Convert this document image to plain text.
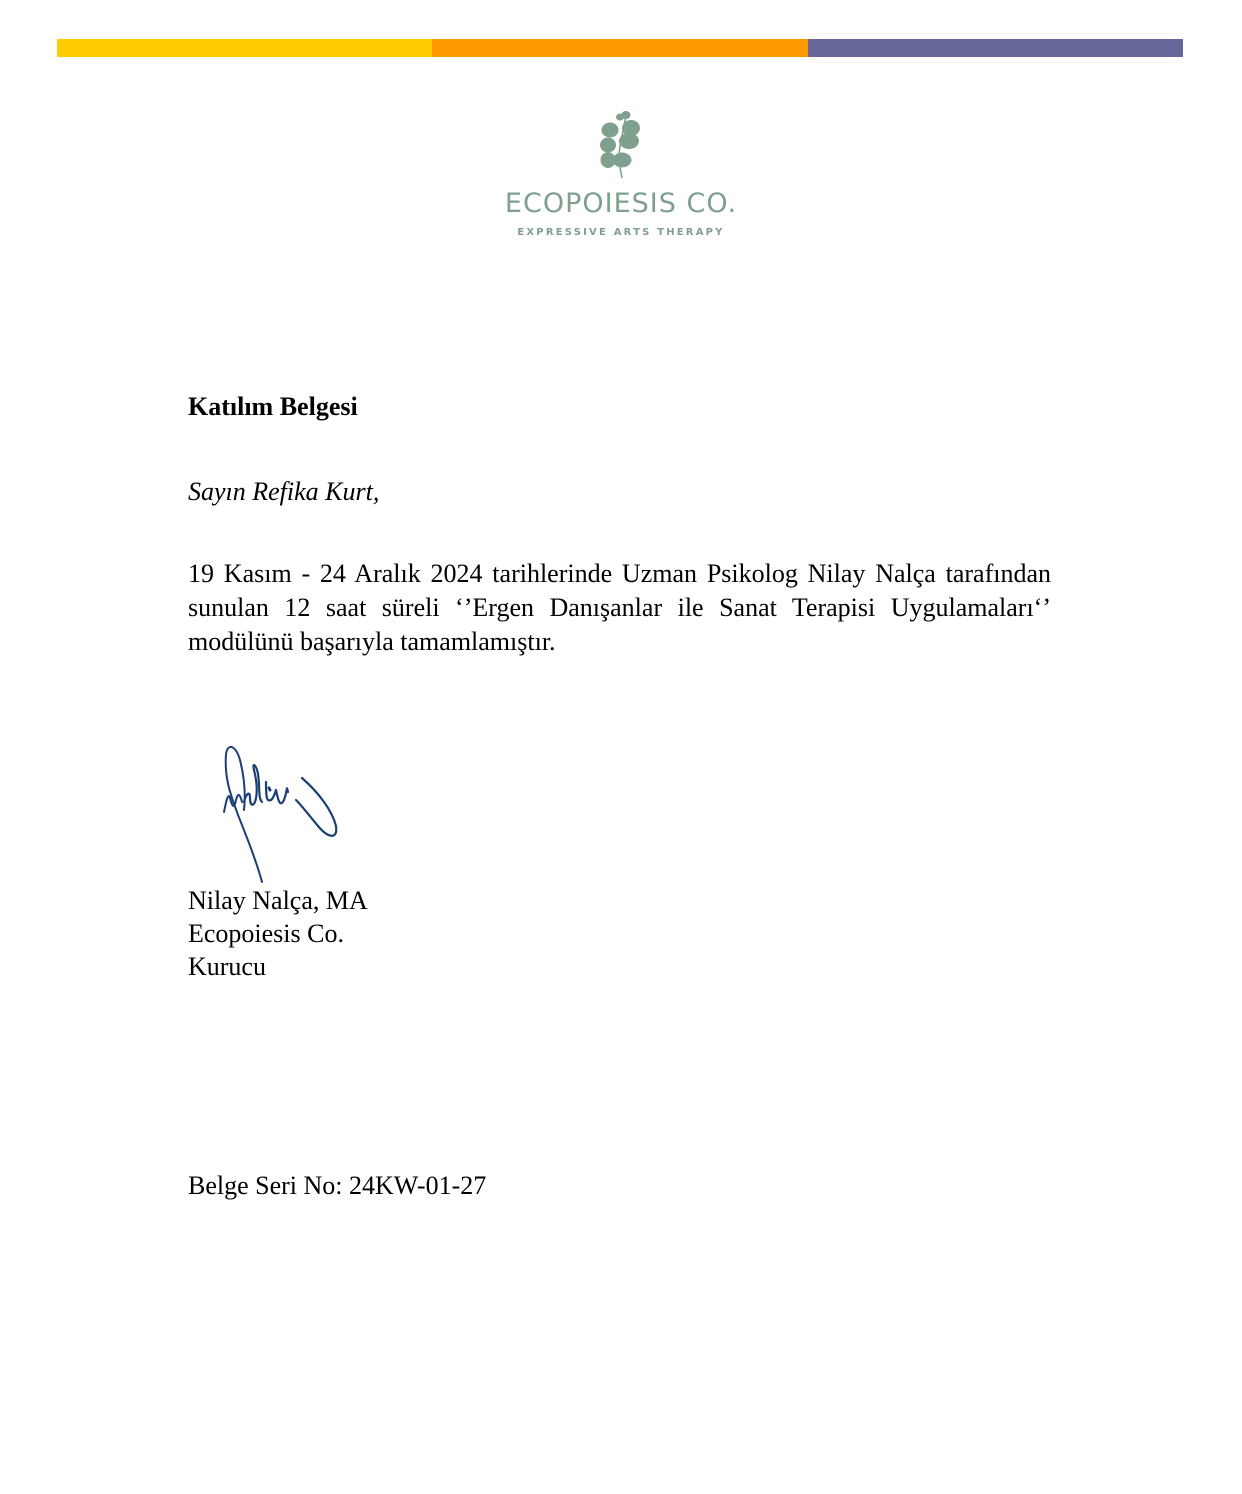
ECOPOIESIS CO.
EXPRESSIVE ARTS THERAPY
Katılım Belgesi
Sayın Refika Kurt,
19 Kasım - 24 Aralık 2024 tarihlerinde Uzman Psikolog Nilay Nalça tarafından sunulan 12 saat süreli ‘’Ergen Danışanlar ile Sanat Terapisi Uygulamaları‘’ modülünü başarıyla tamamlamıştır.
Nilay Nalça, MA
Ecopoiesis Co.
Kurucu
Belge Seri No: 24KW-01-27
